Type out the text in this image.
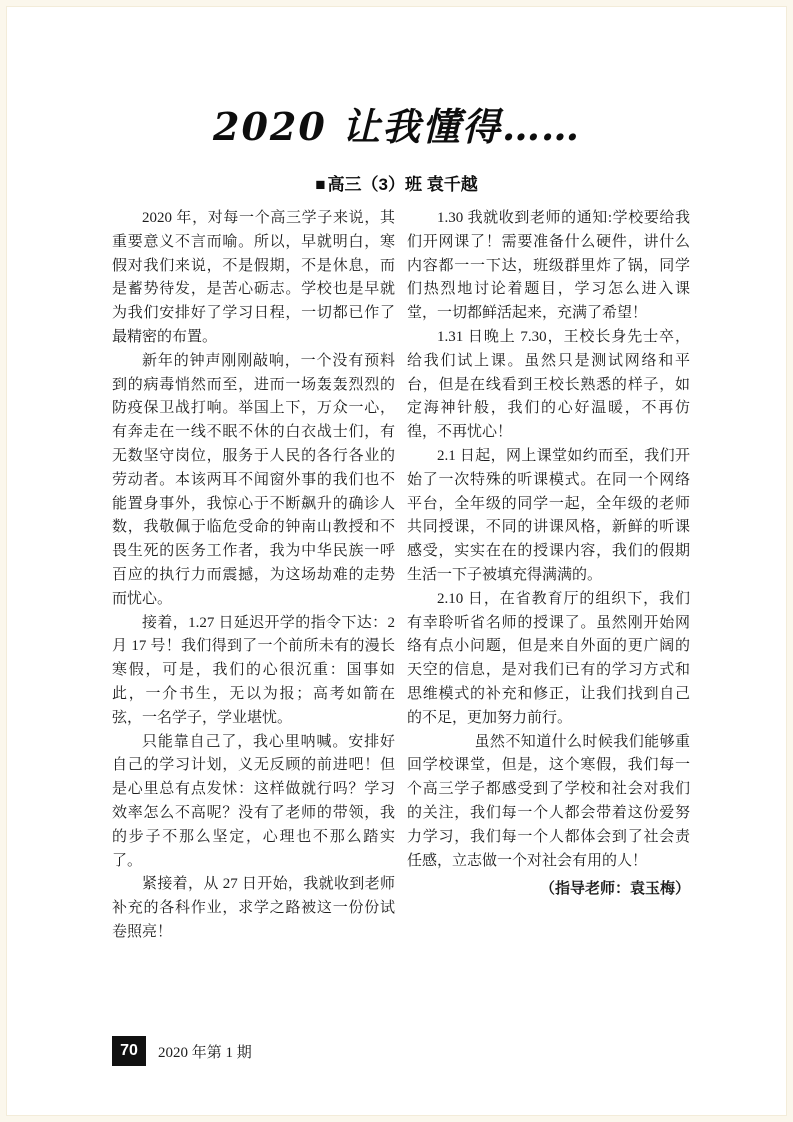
2020 让我懂得……
■ 高三（3）班 袁千越

2020 年，对每一个高三学子来说，其重要意义不言而喻。所以，早就明白，寒假对我们来说，不是假期，不是休息，而是蓄势待发，是苦心砺志。学校也是早就为我们安排好了学习日程，一切都已作了最精密的布置。

新年的钟声刚刚敲响，一个没有预料到的病毒悄然而至，进而一场轰轰烈烈的防疫保卫战打响。举国上下，万众一心，有奔走在一线不眠不休的白衣战士们，有无数坚守岗位，服务于人民的各行各业的劳动者。本该两耳不闻窗外事的我们也不能置身事外，我惊心于不断飙升的确诊人数，我敬佩于临危受命的钟南山教授和不畏生死的医务工作者，我为中华民族一呼百应的执行力而震撼，为这场劫难的走势而忧心。

接着，1.27 日延迟开学的指令下达：2 月 17 号！我们得到了一个前所未有的漫长寒假，可是，我们的心很沉重：国事如此，一介书生，无以为报；高考如箭在弦，一名学子，学业堪忧。

只能靠自己了，我心里呐喊。安排好自己的学习计划，义无反顾的前进吧！但是心里总有点发怵：这样做就行吗？学习效率怎么不高呢？没有了老师的带领，我的步子不那么坚定，心理也不那么踏实了。

紧接着，从 27 日开始，我就收到老师补充的各科作业，求学之路被这一份份试卷照亮！

1.30 我就收到老师的通知:学校要给我们开网课了！需要准备什么硬件，讲什么内容都一一下达，班级群里炸了锅，同学们热烈地讨论着题目，学习怎么进入课堂，一切都鲜活起来，充满了希望！

1.31 日晚上 7.30，王校长身先士卒，给我们试上课。虽然只是测试网络和平台，但是在线看到王校长熟悉的样子，如定海神针般，我们的心好温暖，不再仿徨，不再忧心！

2.1 日起，网上课堂如约而至，我们开始了一次特殊的听课模式。在同一个网络平台，全年级的同学一起，全年级的老师共同授课，不同的讲课风格，新鲜的听课感受，实实在在的授课内容，我们的假期生活一下子被填充得满满的。

2.10 日，在省教育厅的组织下，我们有幸聆听省名师的授课了。虽然刚开始网络有点小问题，但是来自外面的更广阔的天空的信息，是对我们已有的学习方式和思维模式的补充和修正，让我们找到自己的不足，更加努力前行。

虽然不知道什么时候我们能够重回学校课堂，但是，这个寒假，我们每一个高三学子都感受到了学校和社会对我们的关注，我们每一个人都会带着这份爱努力学习，我们每一个人都体会到了社会责任感，立志做一个对社会有用的人！

（指导老师：袁玉梅）

70	2020 年第 1 期
